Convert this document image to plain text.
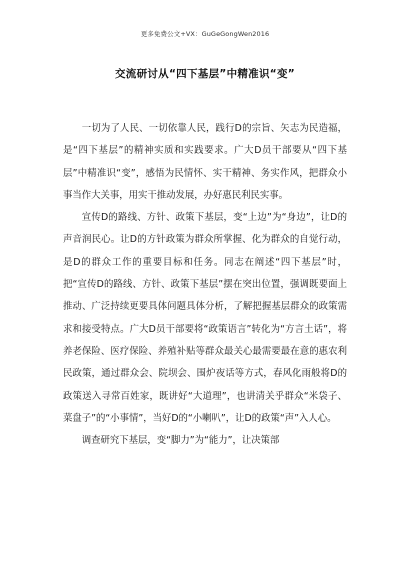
更多免费公文+VX：GuGeGongWen2016
交流研讨从“四下基层”中精准识“变”

一切为了人民、一切依靠人民，践行D的宗旨、矢志为民造福，是“四下基层”的精神实质和实践要求。广大D员干部要从“四下基层”中精准识“变”，感悟为民情怀、实干精神、务实作风，把群众小事当作大关事，用实干推动发展，办好惠民利民实事。

宣传D的路线、方针、政策下基层，变“上边”为“身边”，让D的声音润民心。让D的方针政策为群众所掌握、化为群众的自觉行动，是D的群众工作的重要目标和任务。同志在阐述“四下基层”时，把“宣传D的路线、方针、政策下基层”摆在突出位置，强调既要面上推动、广泛持续更要具体问题具体分析，了解把握基层群众的政策需求和接受特点。广大D员干部要将“政策语言”转化为“方言土话”，将养老保险、医疗保险、养殖补贴等群众最关心最需要最在意的惠农利民政策，通过群众会、院坝会、围炉夜话等方式，春风化雨般将D的政策送入寻常百姓家，既讲好“大道理”，也讲清关乎群众“米袋子、菜盘子”的“小事情”，当好D的“小喇叭”，让D的政策“声”入人心。

调查研究下基层，变“脚力”为“能力”，让决策部
